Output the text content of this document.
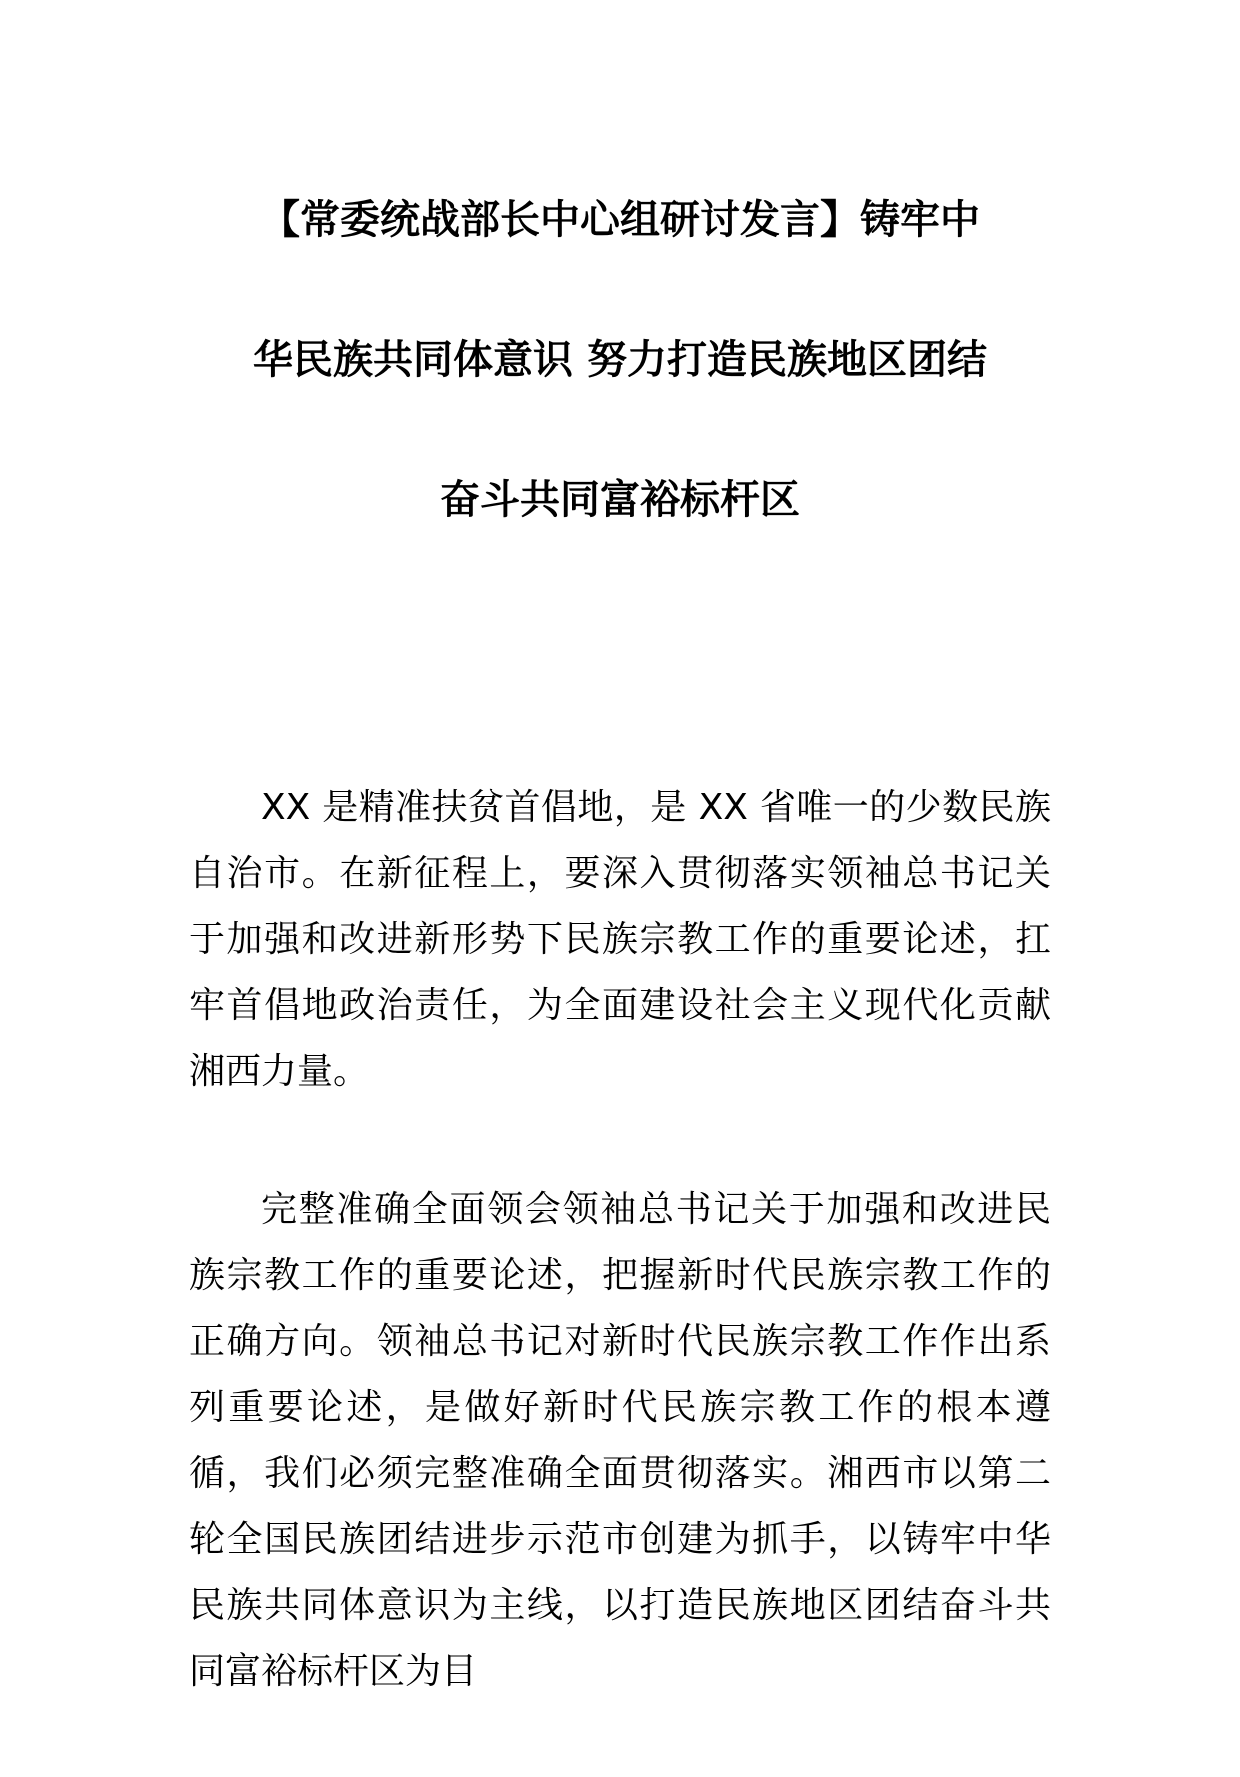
【常委统战部长中心组研讨发言】铸牢中
华民族共同体意识 努力打造民族地区团结
奋斗共同富裕标杆区

XX 是精准扶贫首倡地，是 XX 省唯一的少数民族自治市。在新征程上，要深入贯彻落实领袖总书记关于加强和改进新形势下民族宗教工作的重要论述，扛牢首倡地政治责任，为全面建设社会主义现代化贡献湘西力量。

完整准确全面领会领袖总书记关于加强和改进民族宗教工作的重要论述，把握新时代民族宗教工作的正确方向。领袖总书记对新时代民族宗教工作作出系列重要论述，是做好新时代民族宗教工作的根本遵循，我们必须完整准确全面贯彻落实。湘西市以第二轮全国民族团结进步示范市创建为抓手，以铸牢中华民族共同体意识为主线，以打造民族地区团结奋斗共同富裕标杆区为目
